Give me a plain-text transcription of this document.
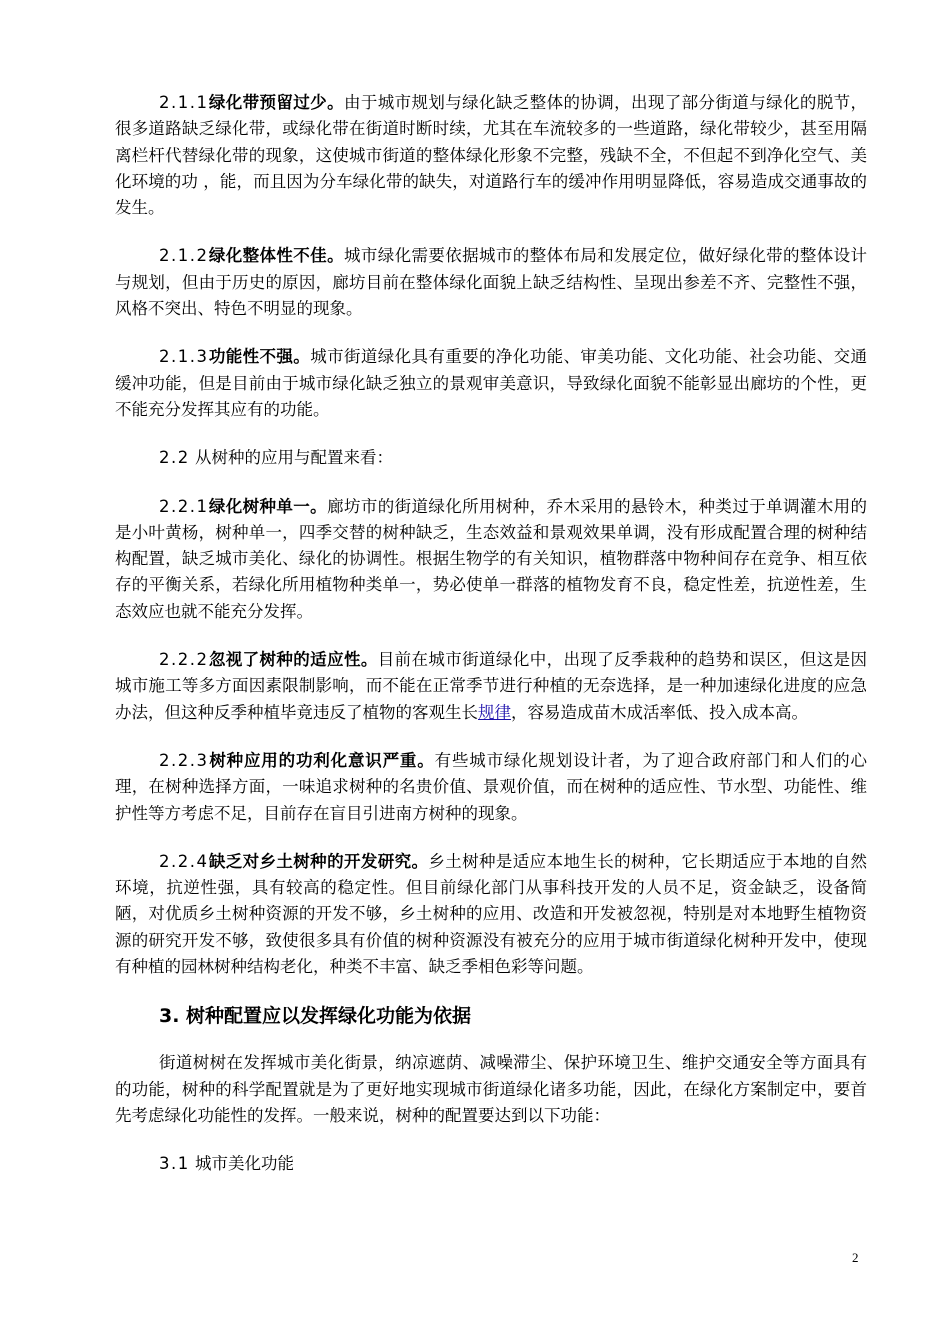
2.1.1绿化带预留过少。由于城市规划与绿化缺乏整体的协调，出现了部分街道与绿化的脱节，很多道路缺乏绿化带，或绿化带在街道时断时续，尤其在车流较多的一些道路，绿化带较少，甚至用隔离栏杆代替绿化带的现象，这使城市街道的整体绿化形象不完整，残缺不全，不但起不到净化空气、美化环境的功 ，能，而且因为分车绿化带的缺失，对道路行车的缓冲作用明显降低，容易造成交通事故的发生。

2.1.2绿化整体性不佳。城市绿化需要依据城市的整体布局和发展定位，做好绿化带的整体设计与规划，但由于历史的原因，廊坊目前在整体绿化面貌上缺乏结构性、呈现出参差不齐、完整性不强，风格不突出、特色不明显的现象。

2.1.3功能性不强。城市街道绿化具有重要的净化功能、审美功能、文化功能、社会功能、交通缓冲功能，但是目前由于城市绿化缺乏独立的景观审美意识，导致绿化面貌不能彰显出廊坊的个性，更不能充分发挥其应有的功能。

2.2 从树种的应用与配置来看：

2.2.1绿化树种单一。廊坊市的街道绿化所用树种，乔木采用的悬铃木，种类过于单调灌木用的是小叶黄杨，树种单一，四季交替的树种缺乏，生态效益和景观效果单调，没有形成配置合理的树种结构配置，缺乏城市美化、绿化的协调性。根据生物学的有关知识，植物群落中物种间存在竞争、相互依存的平衡关系，若绿化所用植物种类单一，势必使单一群落的植物发育不良，稳定性差，抗逆性差，生态效应也就不能充分发挥。

2.2.2忽视了树种的适应性。目前在城市街道绿化中，出现了反季栽种的趋势和误区，但这是因城市施工等多方面因素限制影响，而不能在正常季节进行种植的无奈选择，是一种加速绿化进度的应急办法，但这种反季种植毕竟违反了植物的客观生长规律，容易造成苗木成活率低、投入成本高。

2.2.3树种应用的功利化意识严重。有些城市绿化规划设计者，为了迎合政府部门和人们的心理，在树种选择方面，一味追求树种的名贵价值、景观价值，而在树种的适应性、节水型、功能性、维护性等方考虑不足，目前存在盲目引进南方树种的现象。

2.2.4缺乏对乡土树种的开发研究。乡土树种是适应本地生长的树种，它长期适应于本地的自然环境，抗逆性强，具有较高的稳定性。但目前绿化部门从事科技开发的人员不足，资金缺乏，设备简陋，对优质乡土树种资源的开发不够，乡土树种的应用、改造和开发被忽视，特别是对本地野生植物资源的研究开发不够，致使很多具有价值的树种资源没有被充分的应用于城市街道绿化树种开发中，使现有种植的园林树种结构老化，种类不丰富、缺乏季相色彩等问题。

3. 树种配置应以发挥绿化功能为依据

街道树树在发挥城市美化街景，纳凉遮荫、减噪滞尘、保护环境卫生、维护交通安全等方面具有的功能，树种的科学配置就是为了更好地实现城市街道绿化诸多功能，因此，在绿化方案制定中，要首先考虑绿化功能性的发挥。一般来说，树种的配置要达到以下功能：

3.1 城市美化功能

2
